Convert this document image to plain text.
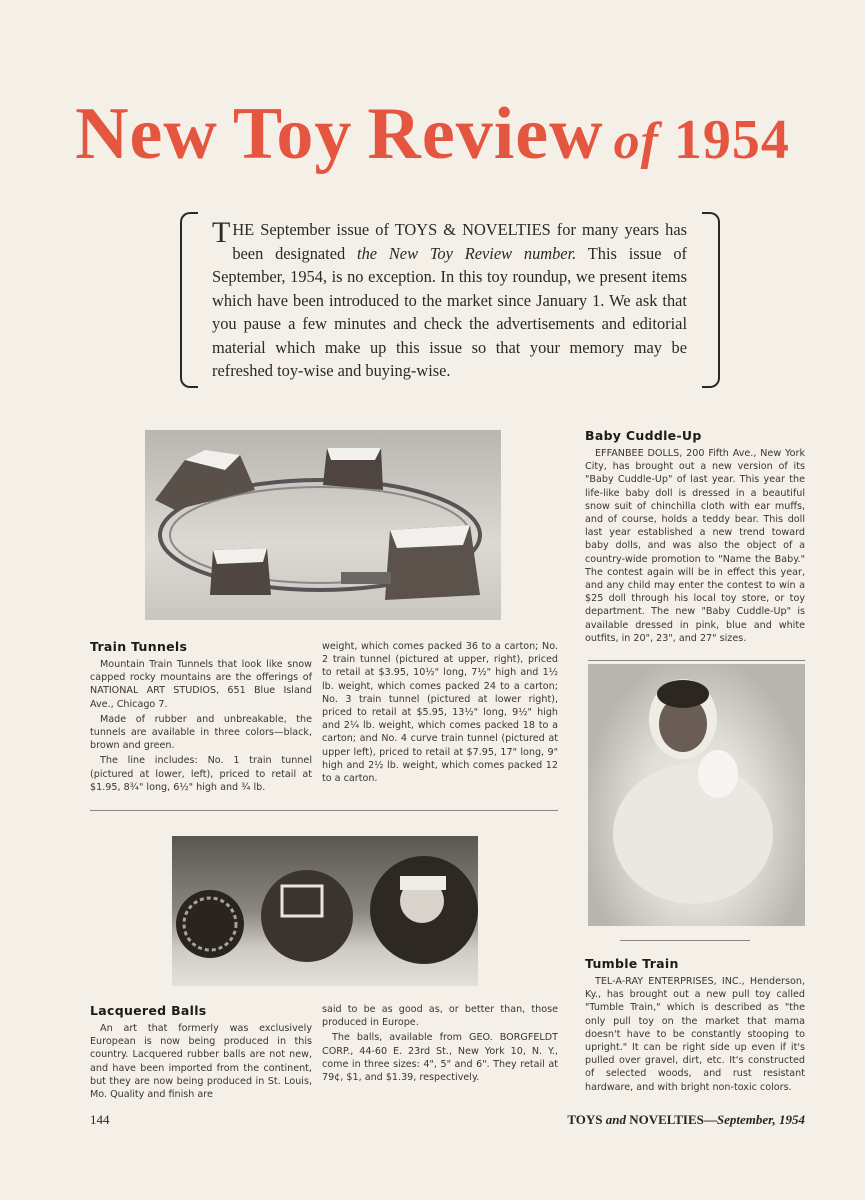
New Toy Review of 1954
THE September issue of TOYS & NOVELTIES for many years has been designated the New Toy Review number. This issue of September, 1954, is no exception. In this toy roundup, we present items which have been introduced to the market since January 1. We ask that you pause a few minutes and check the advertisements and editorial material which make up this issue so that your memory may be refreshed toy-wise and buying-wise.
Baby Cuddle-Up

EFFANBEE DOLLS, 200 Fifth Ave., New York City, has brought out a new version of its "Baby Cuddle-Up" of last year. This year the life-like baby doll is dressed in a beautiful snow suit of chinchilla cloth with ear muffs, and of course, holds a teddy bear. This doll last year established a new trend toward baby dolls, and was also the object of a country-wide promotion to "Name the Baby." The contest again will be in effect this year, and any child may enter the contest to win a $25 doll through his local toy store, or toy department. The new "Baby Cuddle-Up" is available dressed in pink, blue and white outfits, in 20", 23", and 27" sizes.

Tumble Train

TEL-A-RAY ENTERPRISES, INC., Henderson, Ky., has brought out a new pull toy called "Tumble Train," which is described as "the only pull toy on the market that mama doesn't have to be constantly stooping to upright." It can be right side up even if it's pulled over gravel, dirt, etc. It's constructed of selected woods, and rust resistant hardware, and with bright non-toxic colors.

Train Tunnels

Mountain Train Tunnels that look like snow capped rocky mountains are the offerings of NATIONAL ART STUDIOS, 651 Blue Island Ave., Chicago 7.

Made of rubber and unbreakable, the tunnels are available in three colors—black, brown and green.

The line includes: No. 1 train tunnel (pictured at lower, left), priced to retail at $1.95, 8¾" long, 6½" high and ¾ lb.

weight, which comes packed 36 to a carton; No. 2 train tunnel (pictured at upper, right), priced to retail at $3.95, 10½" long, 7½" high and 1½ lb. weight, which comes packed 24 to a carton; No. 3 train tunnel (pictured at lower right), priced to retail at $5.95, 13½" long, 9½" high and 2¼ lb. weight, which comes packed 18 to a carton; and No. 4 curve train tunnel (pictured at upper left), priced to retail at $7.95, 17" long, 9" high and 2½ lb. weight, which comes packed 12 to a carton.

Lacquered Balls

An art that formerly was exclusively European is now being produced in this country. Lacquered rubber balls are not new, and have been imported from the continent, but they are now being produced in St. Louis, Mo. Quality and finish are

said to be as good as, or better than, those produced in Europe.

The balls, available from GEO. BORGFELDT CORP., 44-60 E. 23rd St., New York 10, N. Y., come in three sizes: 4", 5" and 6". They retail at 79¢, $1, and $1.39, respectively.

144	TOYS and NOVELTIES—September, 1954
